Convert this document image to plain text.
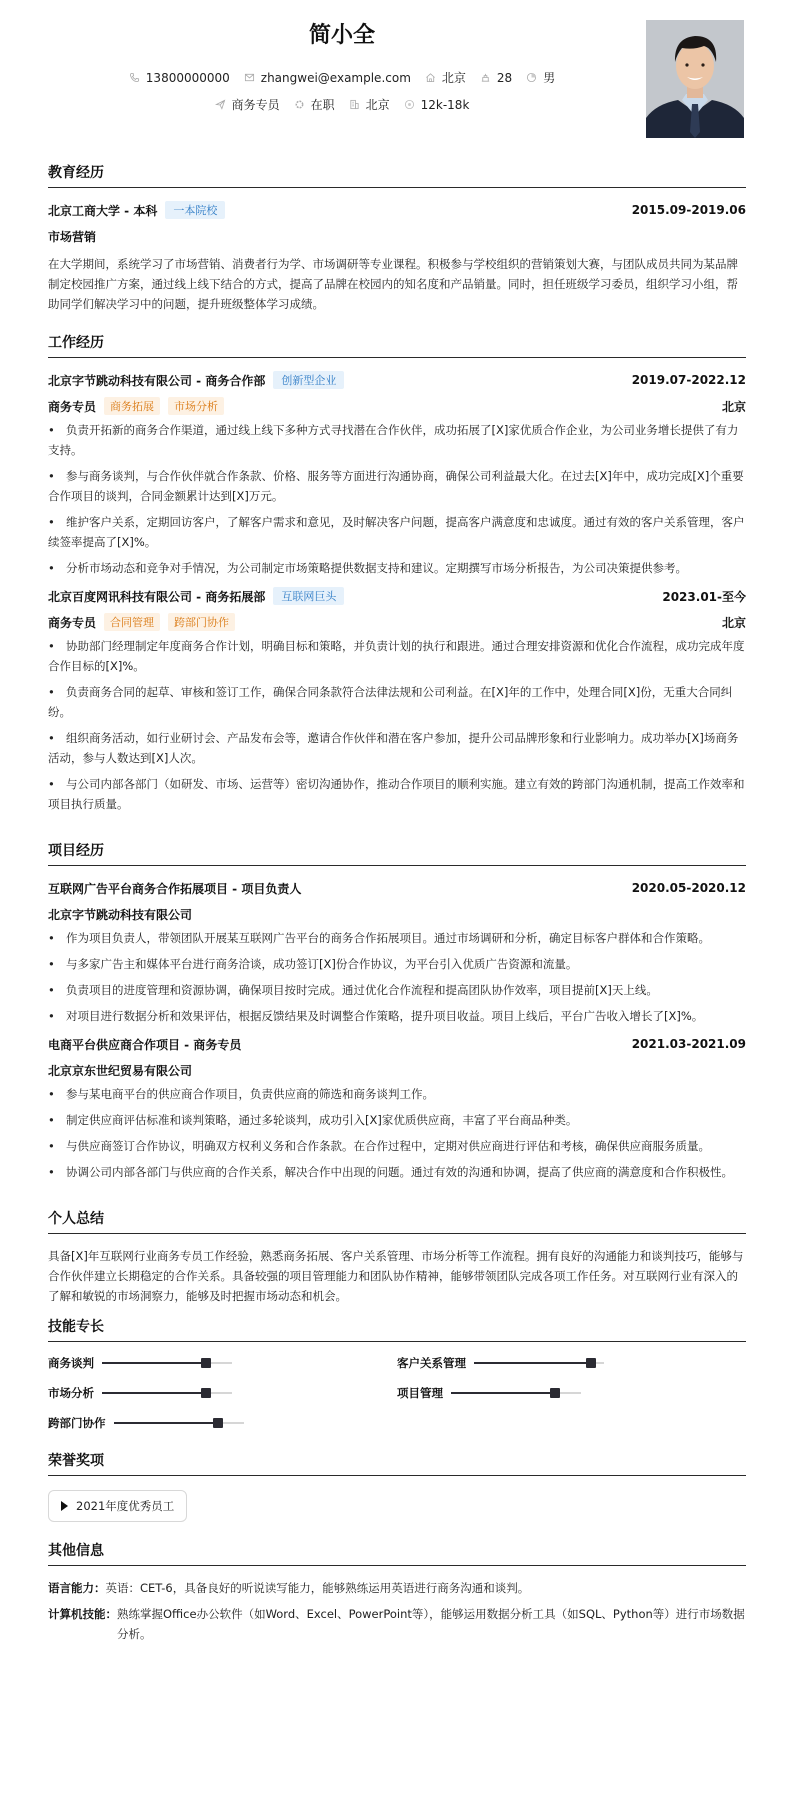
简小全
13800000000	zhangwei@example.com	北京	28	男
商务专员	在职	北京	12k-18k
教育经历
北京工商大学 - 本科	一本院校	2015.09-2019.06
市场营销
在大学期间，系统学习了市场营销、消费者行为学、市场调研等专业课程。积极参与学校组织的营销策划大赛，与团队成员共同为某品牌制定校园推广方案，通过线上线下结合的方式，提高了品牌在校园内的知名度和产品销量。同时，担任班级学习委员，组织学习小组，帮助同学们解决学习中的问题，提升班级整体学习成绩。
工作经历
北京字节跳动科技有限公司 - 商务合作部	创新型企业	2019.07-2022.12
商务专员	商务拓展	市场分析	北京
• 负责开拓新的商务合作渠道，通过线上线下多种方式寻找潜在合作伙伴，成功拓展了[X]家优质合作企业，为公司业务增长提供了有力支持。
• 参与商务谈判，与合作伙伴就合作条款、价格、服务等方面进行沟通协商，确保公司利益最大化。在过去[X]年中，成功完成[X]个重要合作项目的谈判，合同金额累计达到[X]万元。
• 维护客户关系，定期回访客户，了解客户需求和意见，及时解决客户问题，提高客户满意度和忠诚度。通过有效的客户关系管理，客户续签率提高了[X]%。
• 分析市场动态和竞争对手情况，为公司制定市场策略提供数据支持和建议。定期撰写市场分析报告，为公司决策提供参考。
北京百度网讯科技有限公司 - 商务拓展部	互联网巨头	2023.01-至今
商务专员	合同管理	跨部门协作	北京
• 协助部门经理制定年度商务合作计划，明确目标和策略，并负责计划的执行和跟进。通过合理安排资源和优化合作流程，成功完成年度合作目标的[X]%。
• 负责商务合同的起草、审核和签订工作，确保合同条款符合法律法规和公司利益。在[X]年的工作中，处理合同[X]份，无重大合同纠纷。
• 组织商务活动，如行业研讨会、产品发布会等，邀请合作伙伴和潜在客户参加，提升公司品牌形象和行业影响力。成功举办[X]场商务活动，参与人数达到[X]人次。
• 与公司内部各部门（如研发、市场、运营等）密切沟通协作，推动合作项目的顺利实施。建立有效的跨部门沟通机制，提高工作效率和项目执行质量。
项目经历
互联网广告平台商务合作拓展项目 - 项目负责人	2020.05-2020.12
北京字节跳动科技有限公司
• 作为项目负责人，带领团队开展某互联网广告平台的商务合作拓展项目。通过市场调研和分析，确定目标客户群体和合作策略。
• 与多家广告主和媒体平台进行商务洽谈，成功签订[X]份合作协议，为平台引入优质广告资源和流量。
• 负责项目的进度管理和资源协调，确保项目按时完成。通过优化合作流程和提高团队协作效率，项目提前[X]天上线。
• 对项目进行数据分析和效果评估，根据反馈结果及时调整合作策略，提升项目收益。项目上线后，平台广告收入增长了[X]%。
电商平台供应商合作项目 - 商务专员	2021.03-2021.09
北京京东世纪贸易有限公司
• 参与某电商平台的供应商合作项目，负责供应商的筛选和商务谈判工作。
• 制定供应商评估标准和谈判策略，通过多轮谈判，成功引入[X]家优质供应商，丰富了平台商品种类。
• 与供应商签订合作协议，明确双方权利义务和合作条款。在合作过程中，定期对供应商进行评估和考核，确保供应商服务质量。
• 协调公司内部各部门与供应商的合作关系，解决合作中出现的问题。通过有效的沟通和协调，提高了供应商的满意度和合作积极性。
个人总结
具备[X]年互联网行业商务专员工作经验，熟悉商务拓展、客户关系管理、市场分析等工作流程。拥有良好的沟通能力和谈判技巧，能够与合作伙伴建立长期稳定的合作关系。具备较强的项目管理能力和团队协作精神，能够带领团队完成各项工作任务。对互联网行业有深入的了解和敏锐的市场洞察力，能够及时把握市场动态和机会。
技能专长
商务谈判	客户关系管理
市场分析	项目管理
跨部门协作
荣誉奖项
2021年度优秀员工
其他信息
语言能力： 英语：CET-6，具备良好的听说读写能力，能够熟练运用英语进行商务沟通和谈判。
计算机技能： 熟练掌握Office办公软件（如Word、Excel、PowerPoint等），能够运用数据分析工具（如SQL、Python等）进行市场数据分析。
